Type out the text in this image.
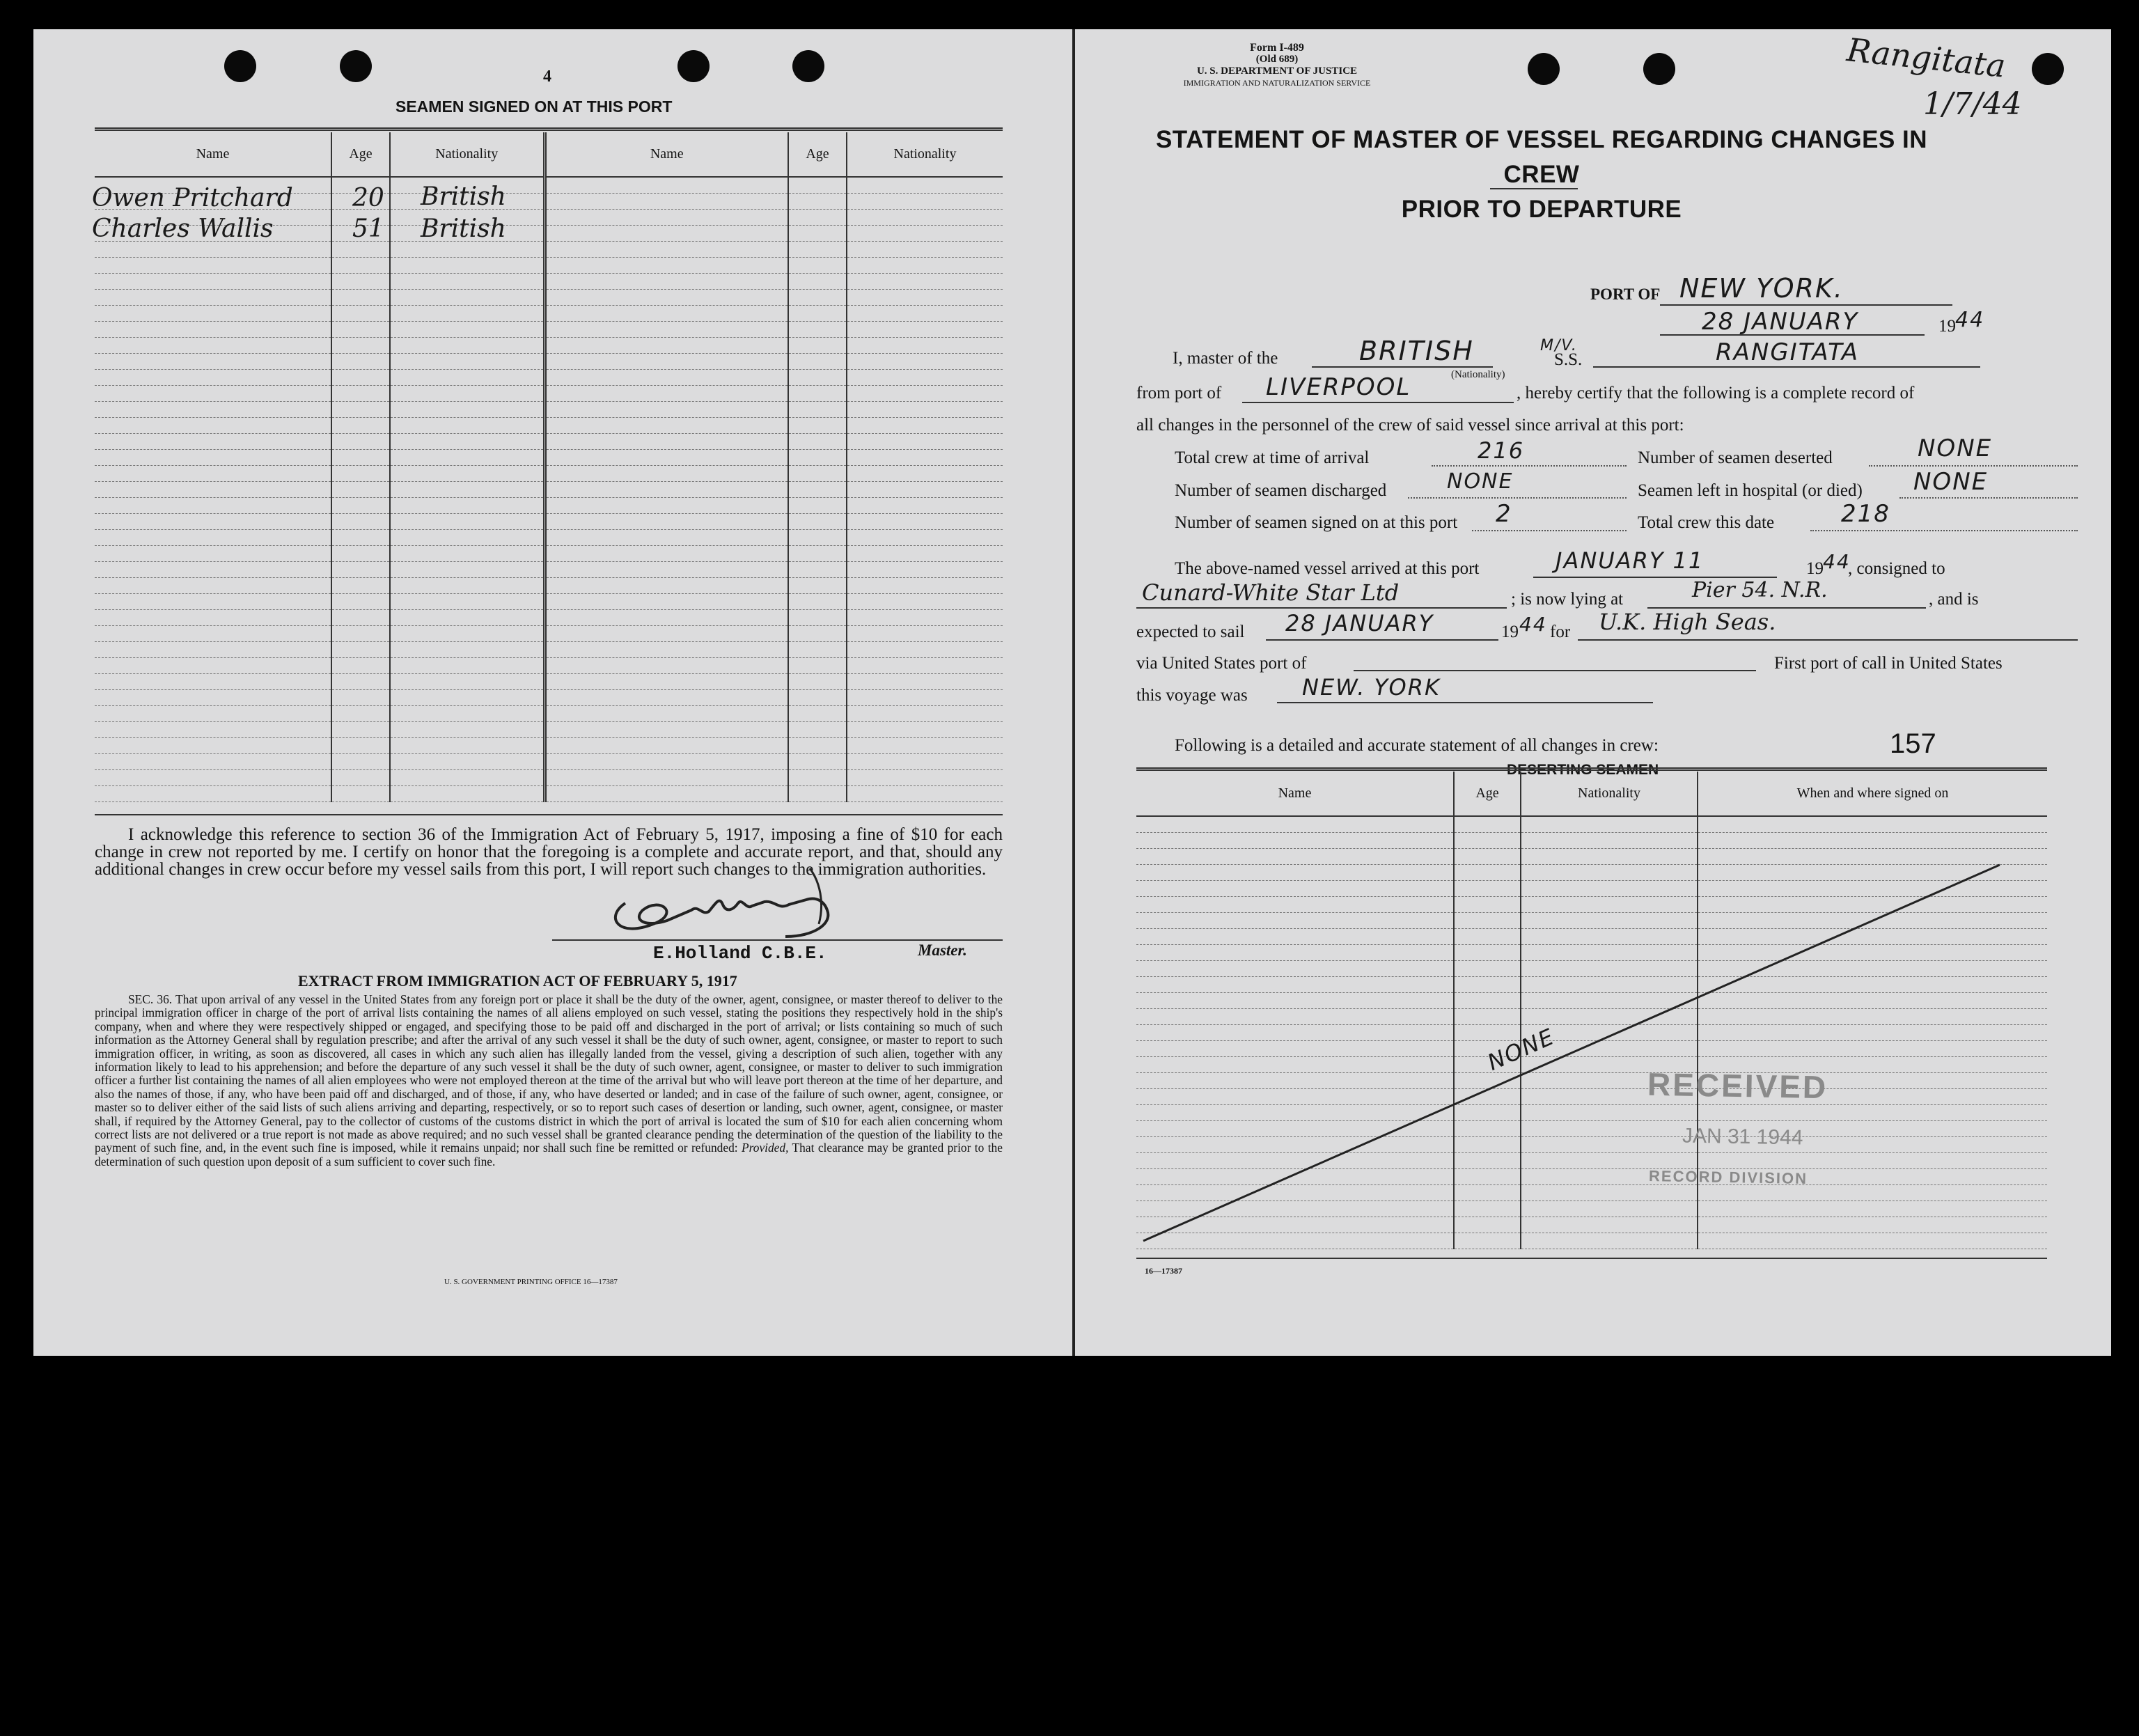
4
SEAMEN SIGNED ON AT THIS PORT
Name	Age	Nationality	Name	Age	Nationality

Owen Pritchard 20 British
Charles Wallis	51 British
I acknowledge this reference to section 36 of the Immigration Act of February 5, 1917, imposing a fine of $10 for each change in crew not reported by me. I certify on honor that the foregoing is a complete and accurate report, and that, should any additional changes in crew occur before my vessel sails from this port, I will report such changes to the immigration authorities.
E.Holland C.B.E.	Master.
EXTRACT FROM IMMIGRATION ACT OF FEBRUARY 5, 1917
SEC. 36. That upon arrival of any vessel in the United States from any foreign port or place it shall be the duty of the owner, agent, consignee, or master thereof to deliver to the principal immigration officer in charge of the port of arrival lists containing the names of all aliens employed on such vessel, stating the positions they respectively hold in the ship's company, when and where they were respectively shipped or engaged, and specifying those to be paid off and discharged in the port of arrival; or lists containing so much of such information as the Attorney General shall by regulation prescribe; and after the arrival of any such vessel it shall be the duty of such owner, agent, consignee, or master to report to such immigration officer, in writing, as soon as discovered, all cases in which any such alien has illegally landed from the vessel, giving a description of such alien, together with any information likely to lead to his apprehension; and before the departure of any such vessel it shall be the duty of such owner, agent, consignee, or master to deliver to such immigration officer a further list containing the names of all alien employees who were not employed thereon at the time of the arrival but who will leave port thereon at the time of her departure, and also the names of those, if any, who have been paid off and discharged, and of those, if any, who have deserted or landed; and in case of the failure of such owner, agent, consignee, or master so to deliver either of the said lists of such aliens arriving and departing, respectively, or so to report such cases of desertion or landing, such owner, agent, consignee, or master shall, if required by the Attorney General, pay to the collector of customs of the customs district in which the port of arrival is located the sum of $10 for each alien concerning whom correct lists are not delivered or a true report is not made as above required; and no such vessel shall be granted clearance pending the determination of the question of the liability to the payment of such fine, and, in the event such fine is imposed, while it remains unpaid; nor shall such fine be remitted or refunded: Provided, That clearance may be granted prior to the determination of such question upon deposit of a sum sufficient to cover such fine.
U. S. GOVERNMENT PRINTING OFFICE 16—17387
Form I-489
(Old 689)
U. S. DEPARTMENT OF JUSTICE
IMMIGRATION AND NATURALIZATION SERVICE	Rangitata
1/7/44
STATEMENT OF MASTER OF VESSEL REGARDING CHANGES IN CREW
PRIOR TO DEPARTURE
PORT OF NEW YORK.
28 JANUARY	19 44
I, master of the	BRITISH
(Nationality)
M/V.
S.S.	RANGITATA
from port of LIVERPOOL	, hereby certify that the following is a complete record of
all changes in the personnel of the crew of said vessel since arrival at this port:
Total crew at time of arrival	216	Number of seamen deserted	NONE
Number of seamen discharged	NONE	Seamen left in hospital (or died) NONE
Number of seamen signed on at this port 2	Total crew this date	218
The above-named vessel arrived at this port	JANUARY 11	19 44
, consigned to
Cunard-White Star Ltd	; is now lying at	Pier 54. N.R.	, and is
expected to sail 28 JANUARY	19 44 for U.K. High Seas.
via United States port of	First port of call in United States
this voyage was NEW. YORK
Following is a detailed and accurate statement of all changes in crew:	157
DESERTING SEAMEN
Name	Age	Nationality	When and where signed on

NONE
RECEIVED
JAN 31 1944
RECORD DIVISION
16—17387
